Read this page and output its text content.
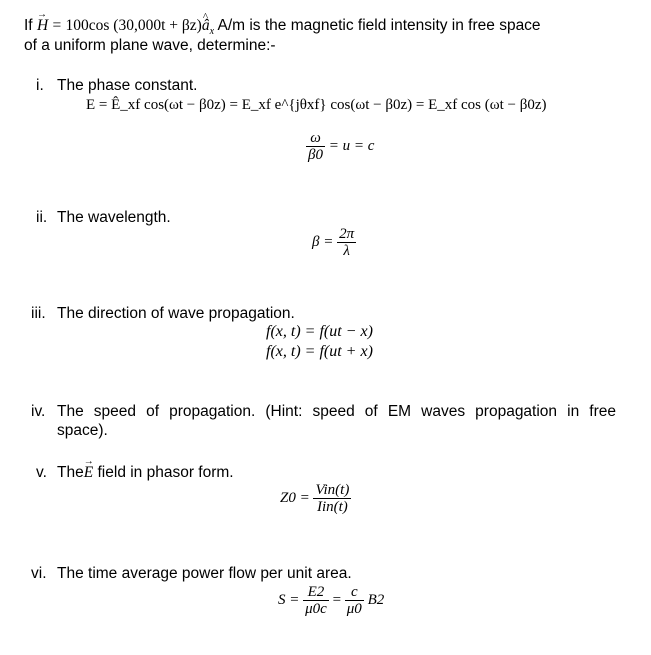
If → H = 100cos (30,000t + βz)^ $â_x$ A/m is the magnetic field intensity in free space
of a uniform plane wave, determine:-
i. The phase constant.
E = Ê_xf cos(ωt − β0z) = E_xf e^{jθxf} cos(ωt − β0z) = E_xf cos (ωt − β0z)
$\frac{\omega}{\beta 0} = u = c$
ii. The wavelength.
$\beta = \frac{2\pi}{\lambda}$
iii. The direction of wave propagation.
f(x, t) = f(ut − x)
f(x, t) = f(ut + x)
iv. The speed of propagation. (Hint: speed of EM waves propagation in free
space).
v. The→ E field in phasor form.
$Z0 = \frac{\text{Vin(t)}}{\text{Iin(t)}}$
vi. The time average power flow per unit area.
$S = \frac{E2}{\mu 0c} = \frac{c}{\mu 0} B2$
